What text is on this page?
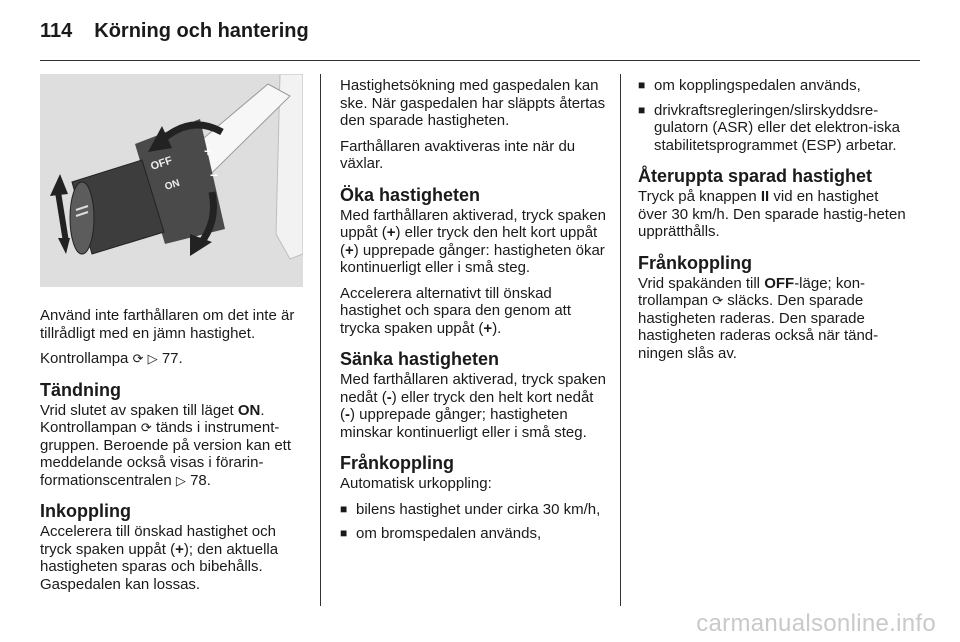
114 Körning och hantering
OFF
ON
+
−

Använd inte farthållaren om det inte är tillrådligt med en jämn hastighet.

Kontrollampa ⟳ ▷ 77.

Tändning

Vrid slutet av spaken till läget ON. Kontrollampan ⟳ tänds i instrument-gruppen. Beroende på version kan ett meddelande också visas i förarin-formationscentralen ▷ 78.

Inkoppling

Accelerera till önskad hastighet och tryck spaken uppåt (+); den aktuella hastigheten sparas och bibehålls. Gaspedalen kan lossas.

Hastighetsökning med gaspedalen kan ske. När gaspedalen har släppts återtas den sparade hastigheten.

Farthållaren avaktiveras inte när du växlar.

Öka hastigheten

Med farthållaren aktiverad, tryck spaken uppåt (+) eller tryck den helt kort uppåt (+) upprepade gånger: hastigheten ökar kontinuerligt eller i små steg.

Accelerera alternativt till önskad hastighet och spara den genom att trycka spaken uppåt (+).

Sänka hastigheten

Med farthållaren aktiverad, tryck spaken nedåt (-) eller tryck den helt kort nedåt (-) upprepade gånger; hastigheten minskar kontinuerligt eller i små steg.

Frånkoppling

Automatisk urkoppling:

■ bilens hastighet under cirka 30 km/h,
■ om bromspedalen används,
■ om kopplingspedalen används,
■ drivkraftsregleringen/slirskyddsre-gulatorn (ASR) eller det elektron-iska stabilitetsprogrammet (ESP) arbetar.
Återuppta sparad hastighet

Tryck på knappen II vid en hastighet över 30 km/h. Den sparade hastig-heten upprätthålls.

Frånkoppling

Vrid spakänden till OFF-läge; kon-trollampan ⟳ släcks. Den sparade hastigheten raderas. Den sparade hastigheten raderas också när tänd-ningen slås av.

carmanualsonline.info
